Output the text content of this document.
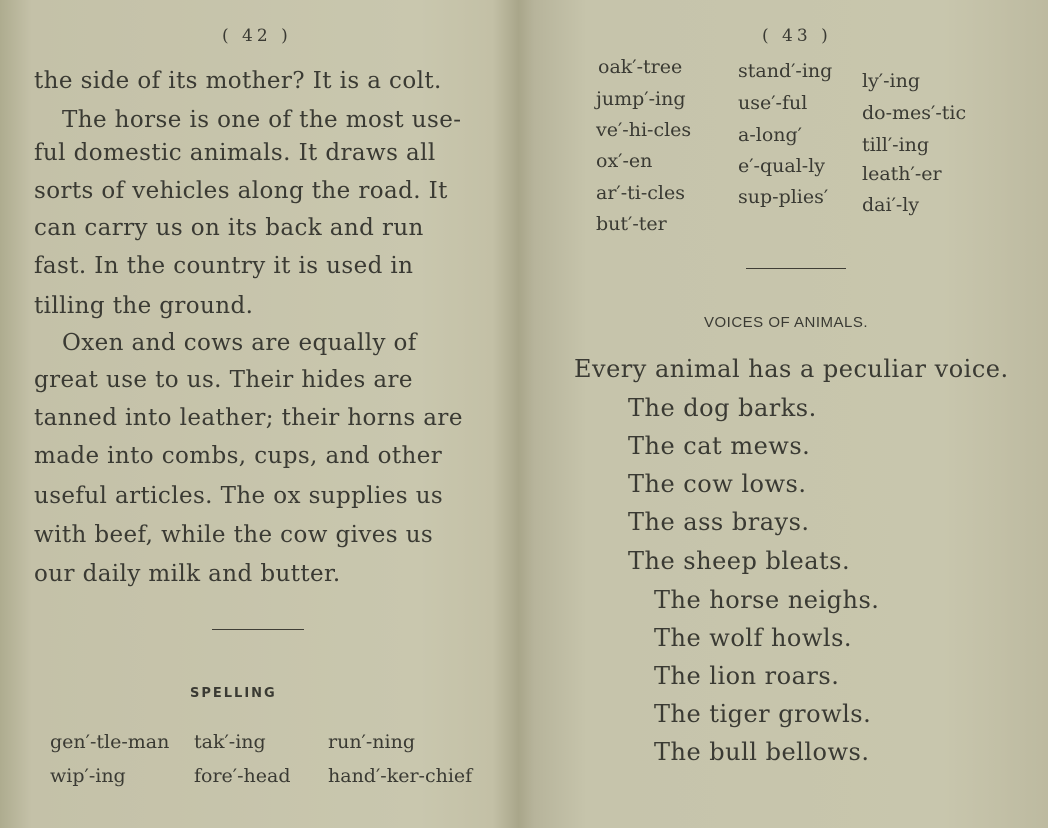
( 42 )
the side of its mother? It is a colt.
The horse is one of the most use-
ful domestic animals. It draws all
sorts of vehicles along the road. It
can carry us on its back and run
fast. In the country it is used in
tilling the ground.
Oxen and cows are equally of
great use to us. Their hides are
tanned into leather; their horns are
made into combs, cups, and other
useful articles. The ox supplies us
with beef, while the cow gives us
our daily milk and butter.
SPELLING
gen′-tle-man tak′-ing	run′-ning
wip′-ing	fore′-head hand′-ker-chief
( 43 )
oak′-tree
jump′-ing
ve′-hi-cles
ox′-en
ar′-ti-cles
but′-ter
stand′-ing
use′-ful
a-long′
e′-qual-ly
sup-plies′
ly′-ing
do-mes′-tic
till′-ing
leath′-er
dai′-ly
VOICES OF ANIMALS.
Every animal has a peculiar voice.
The dog barks.
The cat mews.
The cow lows.
The ass brays.
The sheep bleats.
The horse neighs.
The wolf howls.
The lion roars.
The tiger growls.
The bull bellows.
